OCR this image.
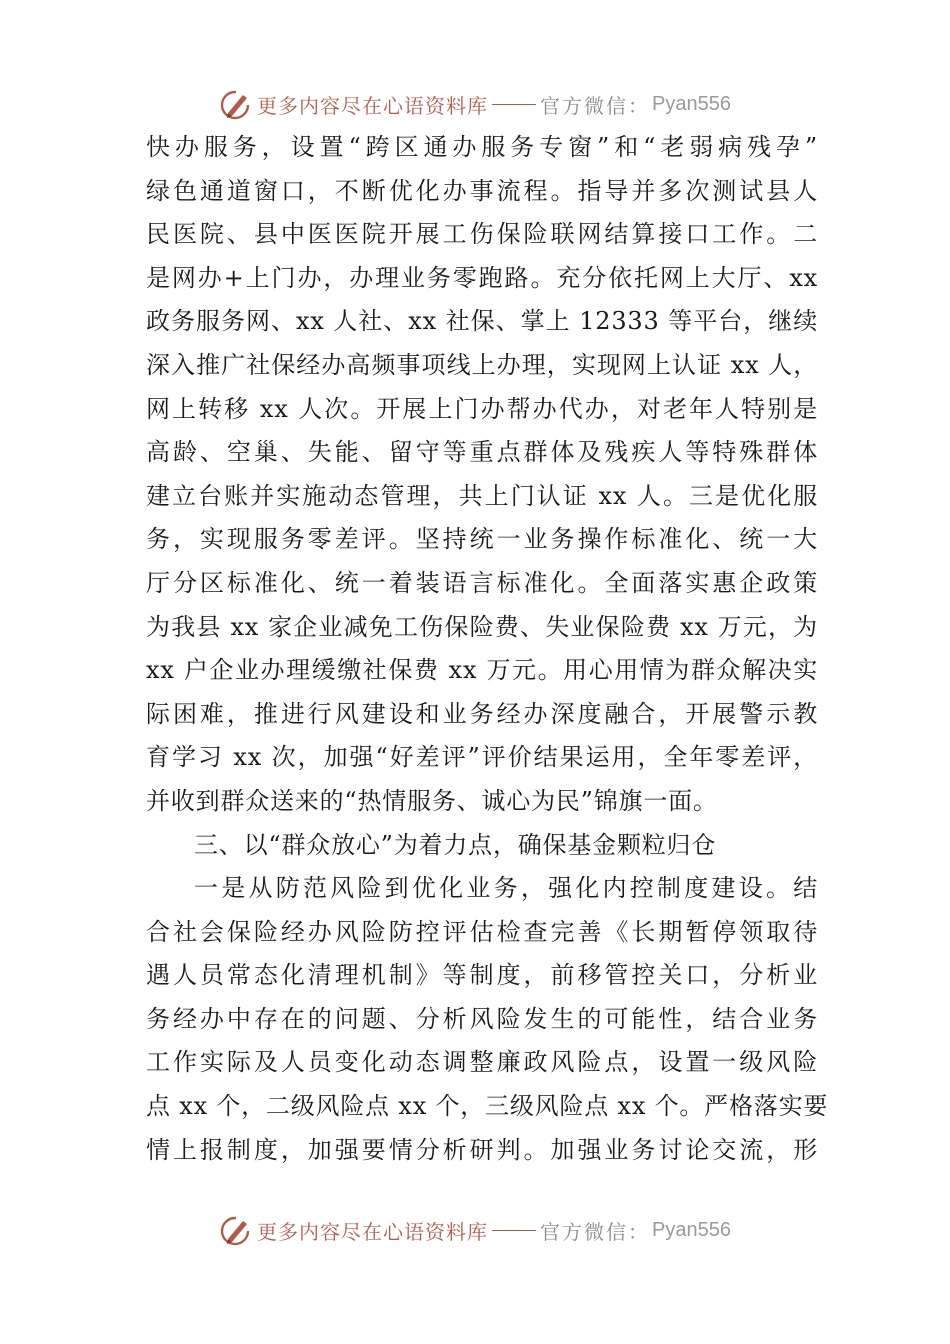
更多内容尽在心语资料库	官方微信： Pyan556
快办服务，设置“跨区通办服务专窗”和“老弱病残孕”
绿色通道窗口，不断优化办事流程。指导并多次测试县人
民医院、县中医医院开展工伤保险联网结算接口工作。二
是网办+上门办，办理业务零跑路。充分依托网上大厅、xx
政务服务网、xx 人社、xx 社保、掌上 12333 等平台，继续
深入推广社保经办高频事项线上办理，实现网上认证 xx 人，
网上转移 xx 人次。开展上门办帮办代办，对老年人特别是
高龄、空巢、失能、留守等重点群体及残疾人等特殊群体
建立台账并实施动态管理，共上门认证 xx 人。三是优化服
务，实现服务零差评。坚持统一业务操作标准化、统一大
厅分区标准化、统一着装语言标准化。全面落实惠企政策
为我县 xx 家企业减免工伤保险费、失业保险费 xx 万元，为
xx 户企业办理缓缴社保费 xx 万元。用心用情为群众解决实
际困难，推进行风建设和业务经办深度融合，开展警示教
育学习 xx 次，加强“好差评”评价结果运用，全年零差评，
并收到群众送来的“热情服务、诚心为民”锦旗一面。
三、以“群众放心”为着力点，确保基金颗粒归仓
一是从防范风险到优化业务，强化内控制度建设。结
合社会保险经办风险防控评估检查完善《长期暂停领取待
遇人员常态化清理机制》等制度，前移管控关口，分析业
务经办中存在的问题、分析风险发生的可能性，结合业务
工作实际及人员变化动态调整廉政风险点，设置一级风险
点 xx 个，二级风险点 xx 个，三级风险点 xx 个。严格落实要
情上报制度，加强要情分析研判。加强业务讨论交流，形
更多内容尽在心语资料库	官方微信： Pyan556
